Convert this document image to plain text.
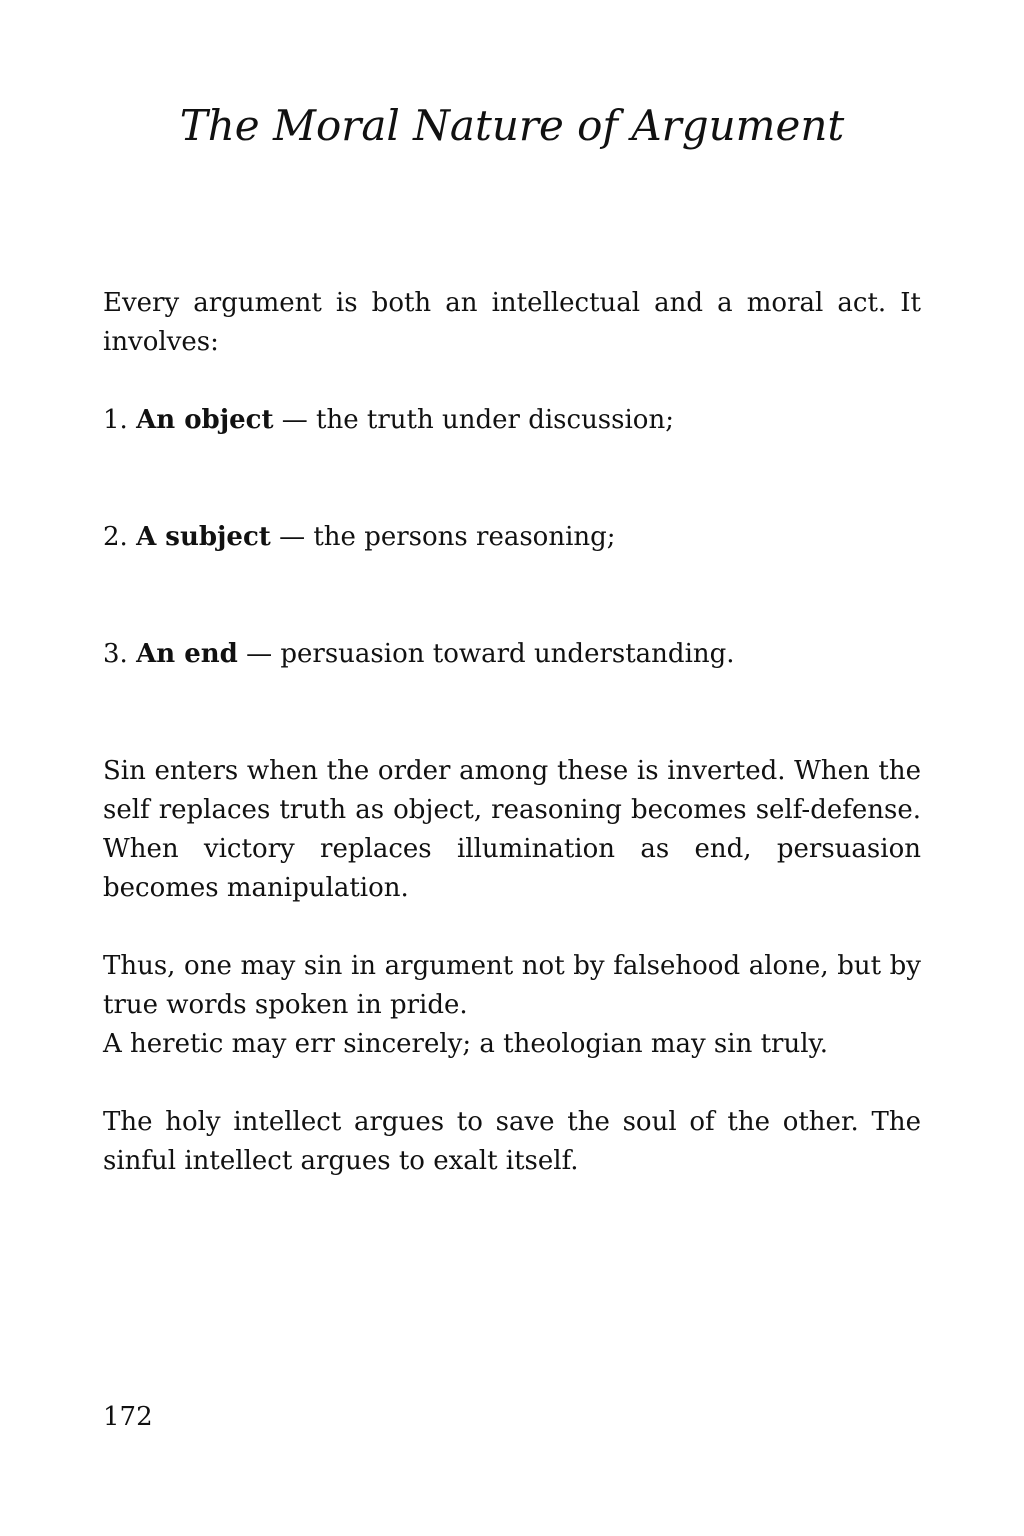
The Moral Nature of Argument

Every argument is both an intellectual and a moral act. It involves:

1. An object — the truth under discussion;
2. A subject — the persons reasoning;
3. An end — persuasion toward understanding.

Sin enters when the order among these is inverted. When the self replaces truth as object, reasoning becomes self-defense. When victory replaces illumination as end, persuasion becomes manipulation.

Thus, one may sin in argument not by falsehood alone, but by true words spoken in pride.

A heretic may err sincerely; a theologian may sin truly.

The holy intellect argues to save the soul of the other. The sinful intellect argues to exalt itself.

172
